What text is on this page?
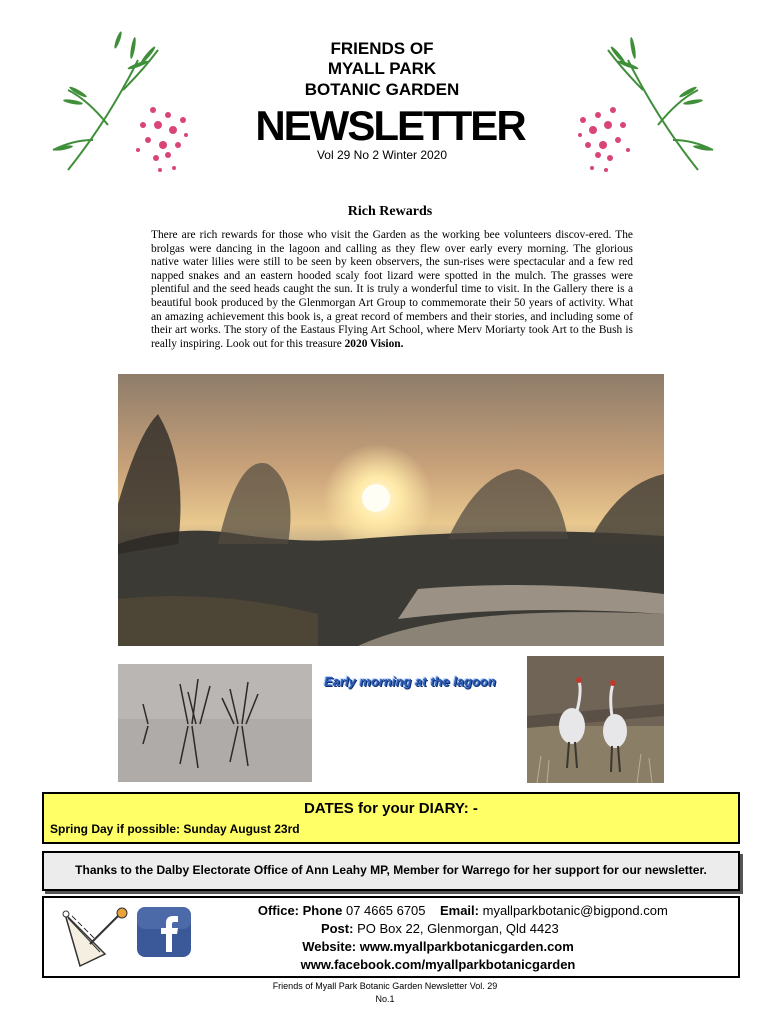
FRIENDS OF
MYALL PARK
BOTANIC GARDEN
NEWSLETTER
Vol 29 No 2 Winter 2020
Rich Rewards
There are rich rewards for those who visit the Garden as the working bee volunteers discov-ered. The brolgas were dancing in the lagoon and calling as they flew over early every morning. The glorious native water lilies were still to be seen by keen observers, the sun-rises were spectacular and a few red napped snakes and an eastern hooded scaly foot lizard were spotted in the mulch. The grasses were plentiful and the seed heads caught the sun. It is truly a wonderful time to visit. In the Gallery there is a beautiful book produced by the Glenmorgan Art Group to commemorate their 50 years of activity. What an amazing achievement this book is, a great record of members and their stories, and including some of their art works. The story of the Eastaus Flying Art School, where Merv Moriarty took Art to the Bush is really inspiring. Look out for this treasure 2020 Vision.
Early morning at the lagoon
DATES for your DIARY: -
Spring Day if possible: Sunday August 23rd
Thanks to the Dalby Electorate Office of Ann Leahy MP, Member for Warrego for her support for our newsletter.
Office: Phone 07 4665 6705 Email: myallparkbotanic@bigpond.com
Post: PO Box 22, Glenmorgan, Qld 4423
Website: www.myallparkbotanicgarden.com
www.facebook.com/myallparkbotanicgarden
Friends of Myall Park Botanic Garden Newsletter Vol. 29
No.1
